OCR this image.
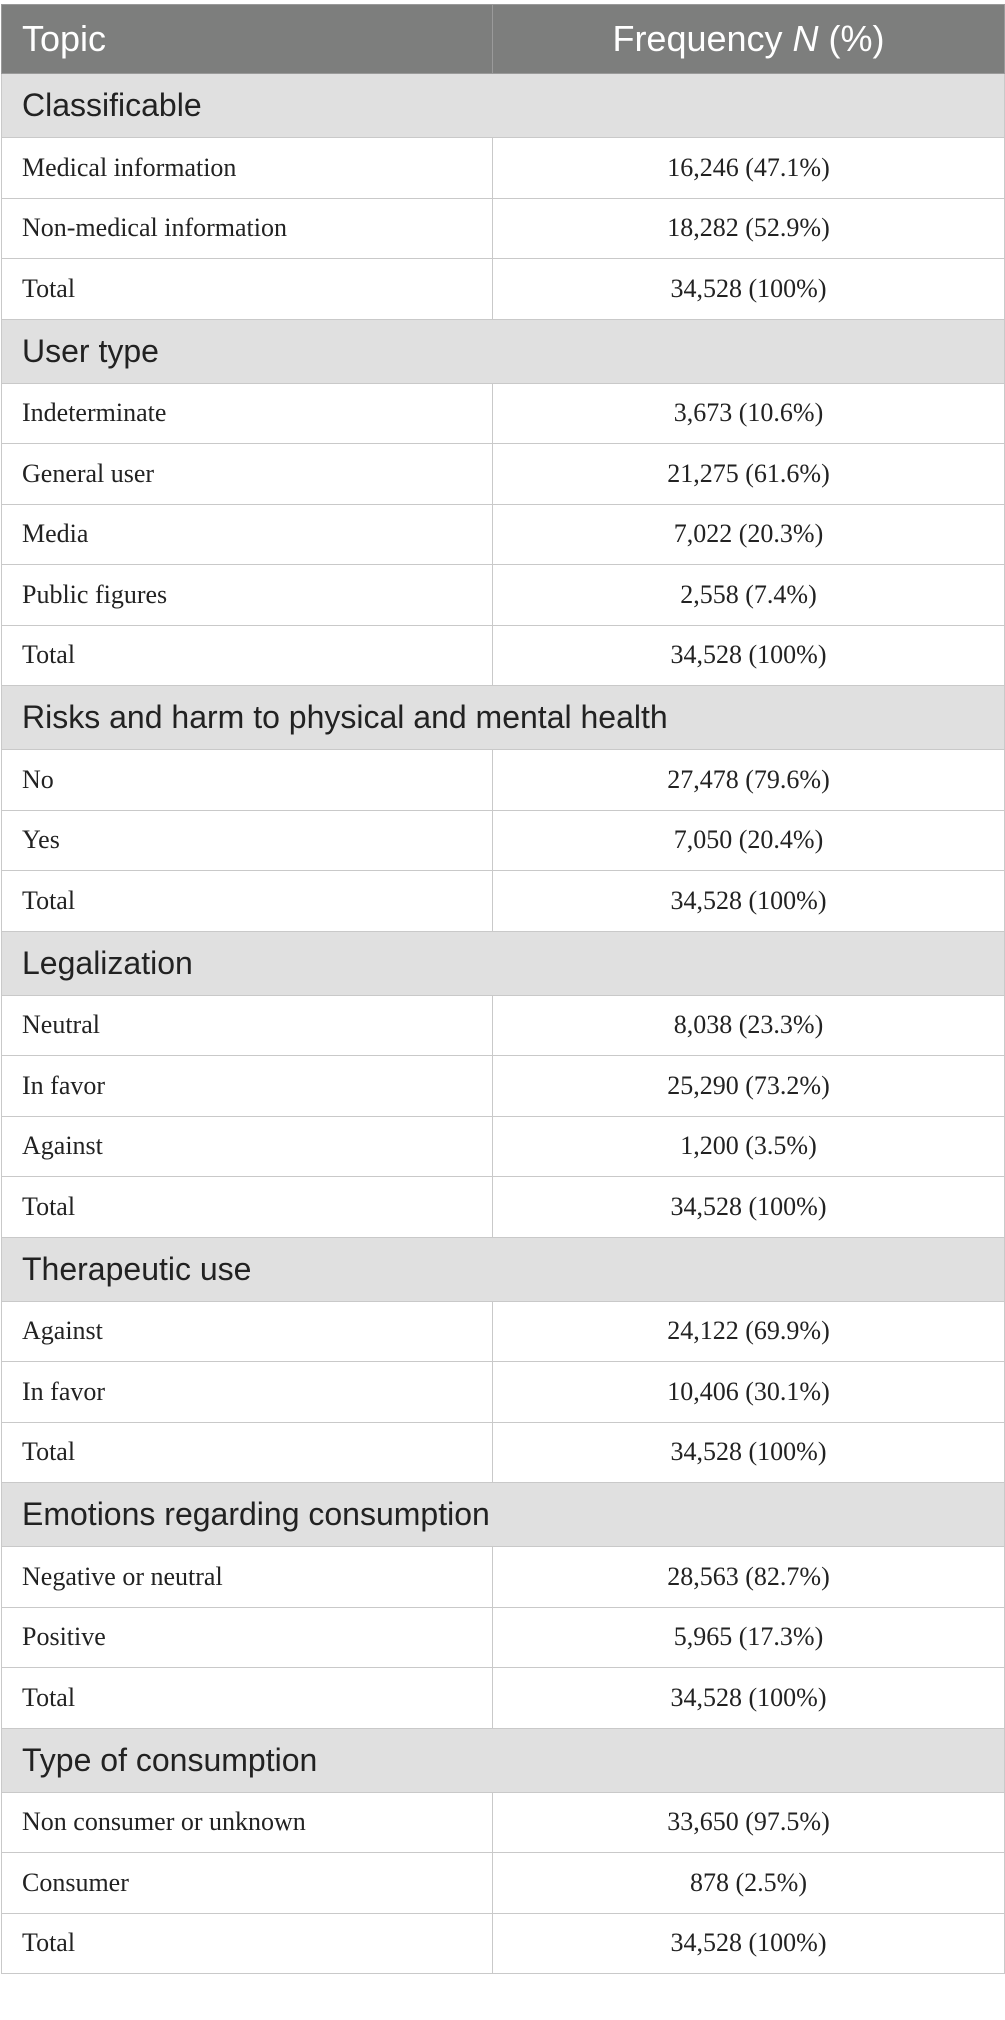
Topic	Frequency N (%)
Classificable	
Medical information	16,246 (47.1%)
Non-medical information	18,282 (52.9%)
Total	34,528 (100%)
User type	
Indeterminate	3,673 (10.6%)
General user	21,275 (61.6%)
Media	7,022 (20.3%)
Public figures	2,558 (7.4%)
Total	34,528 (100%)
Risks and harm to physical and mental health	
No	27,478 (79.6%)
Yes	7,050 (20.4%)
Total	34,528 (100%)
Legalization	
Neutral	8,038 (23.3%)
In favor	25,290 (73.2%)
Against	1,200 (3.5%)
Total	34,528 (100%)
Therapeutic use	
Against	24,122 (69.9%)
In favor	10,406 (30.1%)
Total	34,528 (100%)
Emotions regarding consumption	
Negative or neutral	28,563 (82.7%)
Positive	5,965 (17.3%)
Total	34,528 (100%)
Type of consumption	
Non consumer or unknown	33,650 (97.5%)
Consumer	878 (2.5%)
Total	34,528 (100%)
